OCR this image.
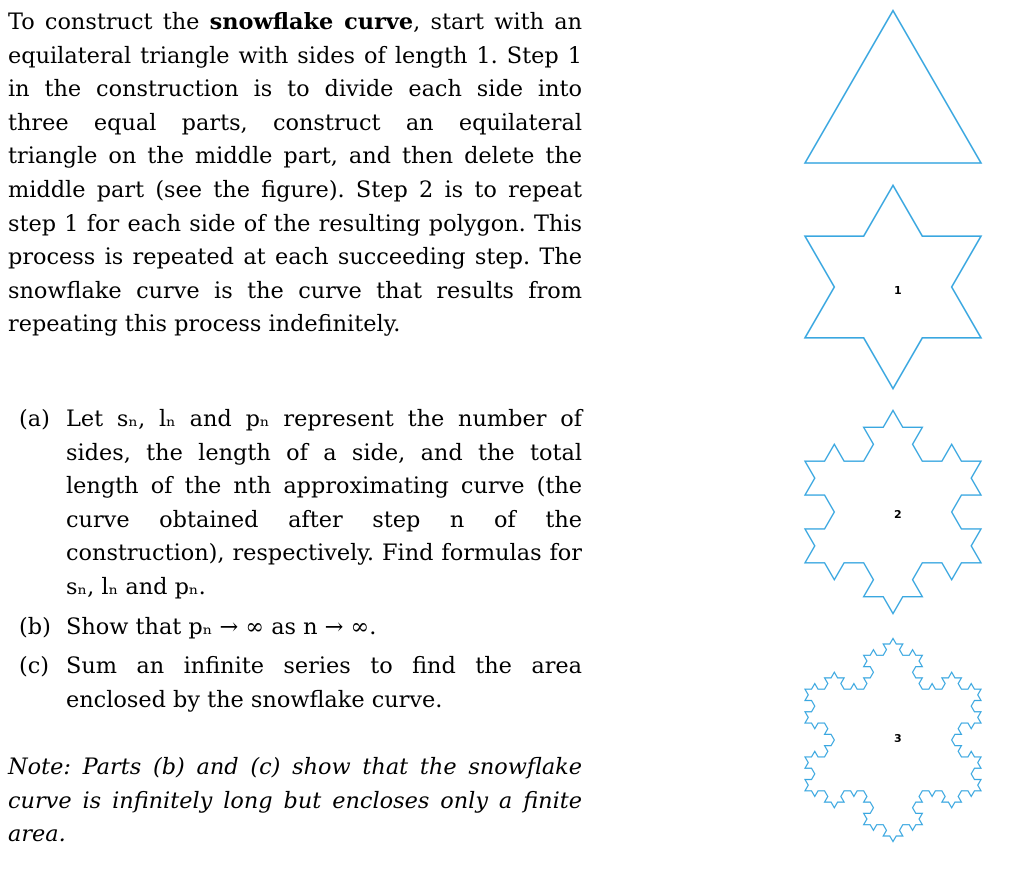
To construct the snowflake curve, start with an equilateral triangle with sides of length 1. Step 1 in the construction is to divide each side into three equal parts, construct an equilateral triangle on the middle part, and then delete the middle part (see the figure). Step 2 is to repeat step 1 for each side of the resulting polygon. This process is repeated at each succeeding step. The snowflake curve is the curve that results from repeating this process indefinitely.

(a) Let sₙ, lₙ and pₙ represent the number of sides, the length of a side, and the total length of the nth approximating curve (the curve obtained after step n of the construction), respectively. Find formulas for sₙ, lₙ and pₙ.
(b) Show that pₙ → ∞ as n → ∞.
(c) Sum an infinite series to find the area enclosed by the snowflake curve.

Note: Parts (b) and (c) show that the snowflake curve is infinitely long but encloses only a finite area.

1
2
3
